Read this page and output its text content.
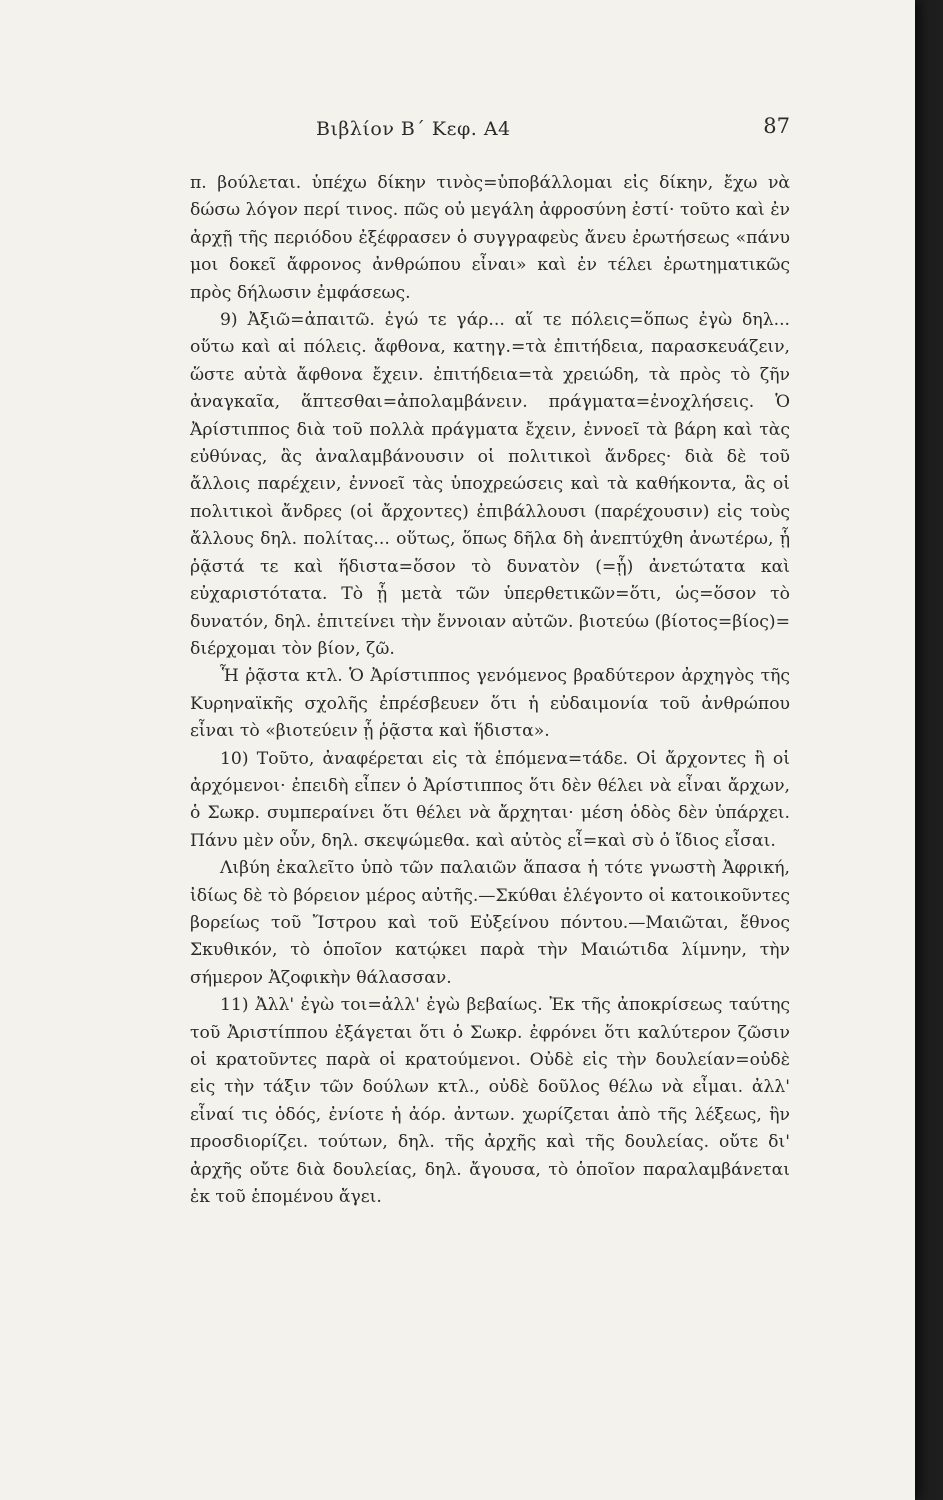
Βιβλίον Β΄ Κεφ. Α4	87

π. βούλεται. ὑπέχω δίκην τινὸς=ὑποβάλλομαι εἰς δίκην, ἔχω νὰ δώσω λόγον περί τινος. πῶς οὐ μεγάλη ἀφροσύνη ἐστί· τοῦτο καὶ ἐν ἀρχῇ τῆς περιόδου ἐξέφρασεν ὁ συγγραφεὺς ἄνευ ἐρωτήσεως «πάνυ μοι δοκεῖ ἄφρονος ἀνθρώπου εἶναι» καὶ ἐν τέλει ἐρωτηματικῶς πρὸς δήλωσιν ἐμφάσεως.

9) Ἀξιῶ=ἀπαιτῶ. ἐγώ τε γάρ... αἵ τε πόλεις=ὅπως ἐγὼ δηλ... οὕτω καὶ αἱ πόλεις. ἄφθονα, κατηγ.=τὰ ἐπιτήδεια, παρασκευάζειν, ὥστε αὐτὰ ἄφθονα ἔχειν. ἐπιτήδεια=τὰ χρειώδη, τὰ πρὸς τὸ ζῆν ἀναγκαῖα, ἅπτεσθαι=ἀπολαμβάνειν. πράγματα=ἐνοχλήσεις. Ὁ Ἀρίστιππος διὰ τοῦ πολλὰ πράγματα ἔχειν, ἐννοεῖ τὰ βάρη καὶ τὰς εὐθύνας, ἃς ἀναλαμβάνουσιν οἱ πολιτικοὶ ἄνδρες· διὰ δὲ τοῦ ἄλλοις παρέχειν, ἐννοεῖ τὰς ὑποχρεώσεις καὶ τὰ καθήκοντα, ἃς οἱ πολιτικοὶ ἄνδρες (οἱ ἄρχοντες) ἐπιβάλλουσι (παρέχουσιν) εἰς τοὺς ἄλλους δηλ. πολίτας... οὕτως, ὅπως δῆλα δὴ ἀνεπτύχθη ἀνωτέρω, ᾗ ῥᾷστά τε καὶ ἥδιστα=ὅσον τὸ δυνατὸν (=ᾗ) ἀνετώτατα καὶ εὐχαριστότατα. Τὸ ᾗ μετὰ τῶν ὑπερθετικῶν=ὅτι, ὡς=ὅσον τὸ δυνατόν, δηλ. ἐπιτείνει τὴν ἔννοιαν αὐτῶν. βιοτεύω (βίοτος=βίος)= διέρχομαι τὸν βίον, ζῶ.

Ἧ ῥᾷστα κτλ. Ὁ Ἀρίστιππος γενόμενος βραδύτερον ἀρχηγὸς τῆς Κυρηναϊκῆς σχολῆς ἐπρέσβευεν ὅτι ἡ εὐδαιμονία τοῦ ἀνθρώπου εἶναι τὸ «βιοτεύειν ᾗ ῥᾷστα καὶ ἥδιστα».

10) Τοῦτο, ἀναφέρεται εἰς τὰ ἑπόμενα=τάδε. Οἱ ἄρχοντες ἢ οἱ ἀρχόμενοι· ἐπειδὴ εἶπεν ὁ Ἀρίστιππος ὅτι δὲν θέλει νὰ εἶναι ἄρχων, ὁ Σωκρ. συμπεραίνει ὅτι θέλει νὰ ἄρχηται· μέση ὁδὸς δὲν ὑπάρχει. Πάνυ μὲν οὖν, δηλ. σκεψώμεθα. καὶ αὐτὸς εἶ=καὶ σὺ ὁ ἴδιος εἶσαι.

Λιβύη ἐκαλεῖτο ὑπὸ τῶν παλαιῶν ἅπασα ἡ τότε γνωστὴ Ἀφρική, ἰδίως δὲ τὸ βόρειον μέρος αὐτῆς.—Σκύθαι ἐλέγοντο οἱ κατοικοῦντες βορείως τοῦ Ἴστρου καὶ τοῦ Εὐξείνου πόντου.—Μαιῶται, ἔθνος Σκυθικόν, τὸ ὁποῖον κατῴκει παρὰ τὴν Μαιώτιδα λίμνην, τὴν σήμερον Ἀζοφικὴν θάλασσαν.

11) Ἀλλ' ἐγὼ τοι=ἀλλ' ἐγὼ βεβαίως. Ἐκ τῆς ἀποκρίσεως ταύτης τοῦ Ἀριστίππου ἐξάγεται ὅτι ὁ Σωκρ. ἐφρόνει ὅτι καλύτερον ζῶσιν οἱ κρατοῦντες παρὰ οἱ κρατούμενοι. Οὐδὲ εἰς τὴν δουλείαν=οὐδὲ εἰς τὴν τάξιν τῶν δούλων κτλ., οὐδὲ δοῦλος θέλω νὰ εἶμαι. ἀλλ' εἶναί τις ὁδός, ἐνίοτε ἡ ἀόρ. ἀντων. χωρίζεται ἀπὸ τῆς λέξεως, ἣν προσδιορίζει. τούτων, δηλ. τῆς ἀρχῆς καὶ τῆς δουλείας. οὔτε δι' ἀρχῆς οὔτε διὰ δουλείας, δηλ. ἄγουσα, τὸ ὁποῖον παραλαμβάνεται ἐκ τοῦ ἑπομένου ἄγει.
